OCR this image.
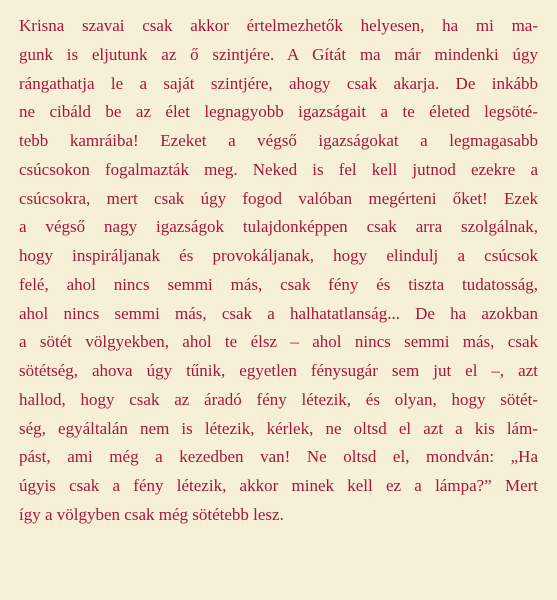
Krisna szavai csak akkor értelmezhetők helyesen, ha mi ma-
gunk is eljutunk az ő szintjére. A Gítát ma már mindenki úgy
rángathatja le a saját szintjére, ahogy csak akarja. De inkább
ne cibáld be az élet legnagyobb igazságait a te életed legsöté-
tebb kamráiba! Ezeket a végső igazságokat a legmagasabb
csúcsokon fogalmazták meg. Neked is fel kell jutnod ezekre a
csúcsokra, mert csak úgy fogod valóban megérteni őket! Ezek
a végső nagy igazságok tulajdonképpen csak arra szolgálnak,
hogy inspiráljanak és provokáljanak, hogy elindulj a csúcsok
felé, ahol nincs semmi más, csak fény és tiszta tudatosság,
ahol nincs semmi más, csak a halhatatlanság... De ha azokban
a sötét völgyekben, ahol te élsz – ahol nincs semmi más, csak
sötétség, ahova úgy tűnik, egyetlen fénysugár sem jut el –, azt
hallod, hogy csak az áradó fény létezik, és olyan, hogy sötét-
ség, egyáltalán nem is létezik, kérlek, ne oltsd el azt a kis lám-
pást, ami még a kezedben van! Ne oltsd el, mondván: „Ha
úgyis csak a fény létezik, akkor minek kell ez a lámpa?” Mert
így a völgyben csak még sötétebb lesz.
